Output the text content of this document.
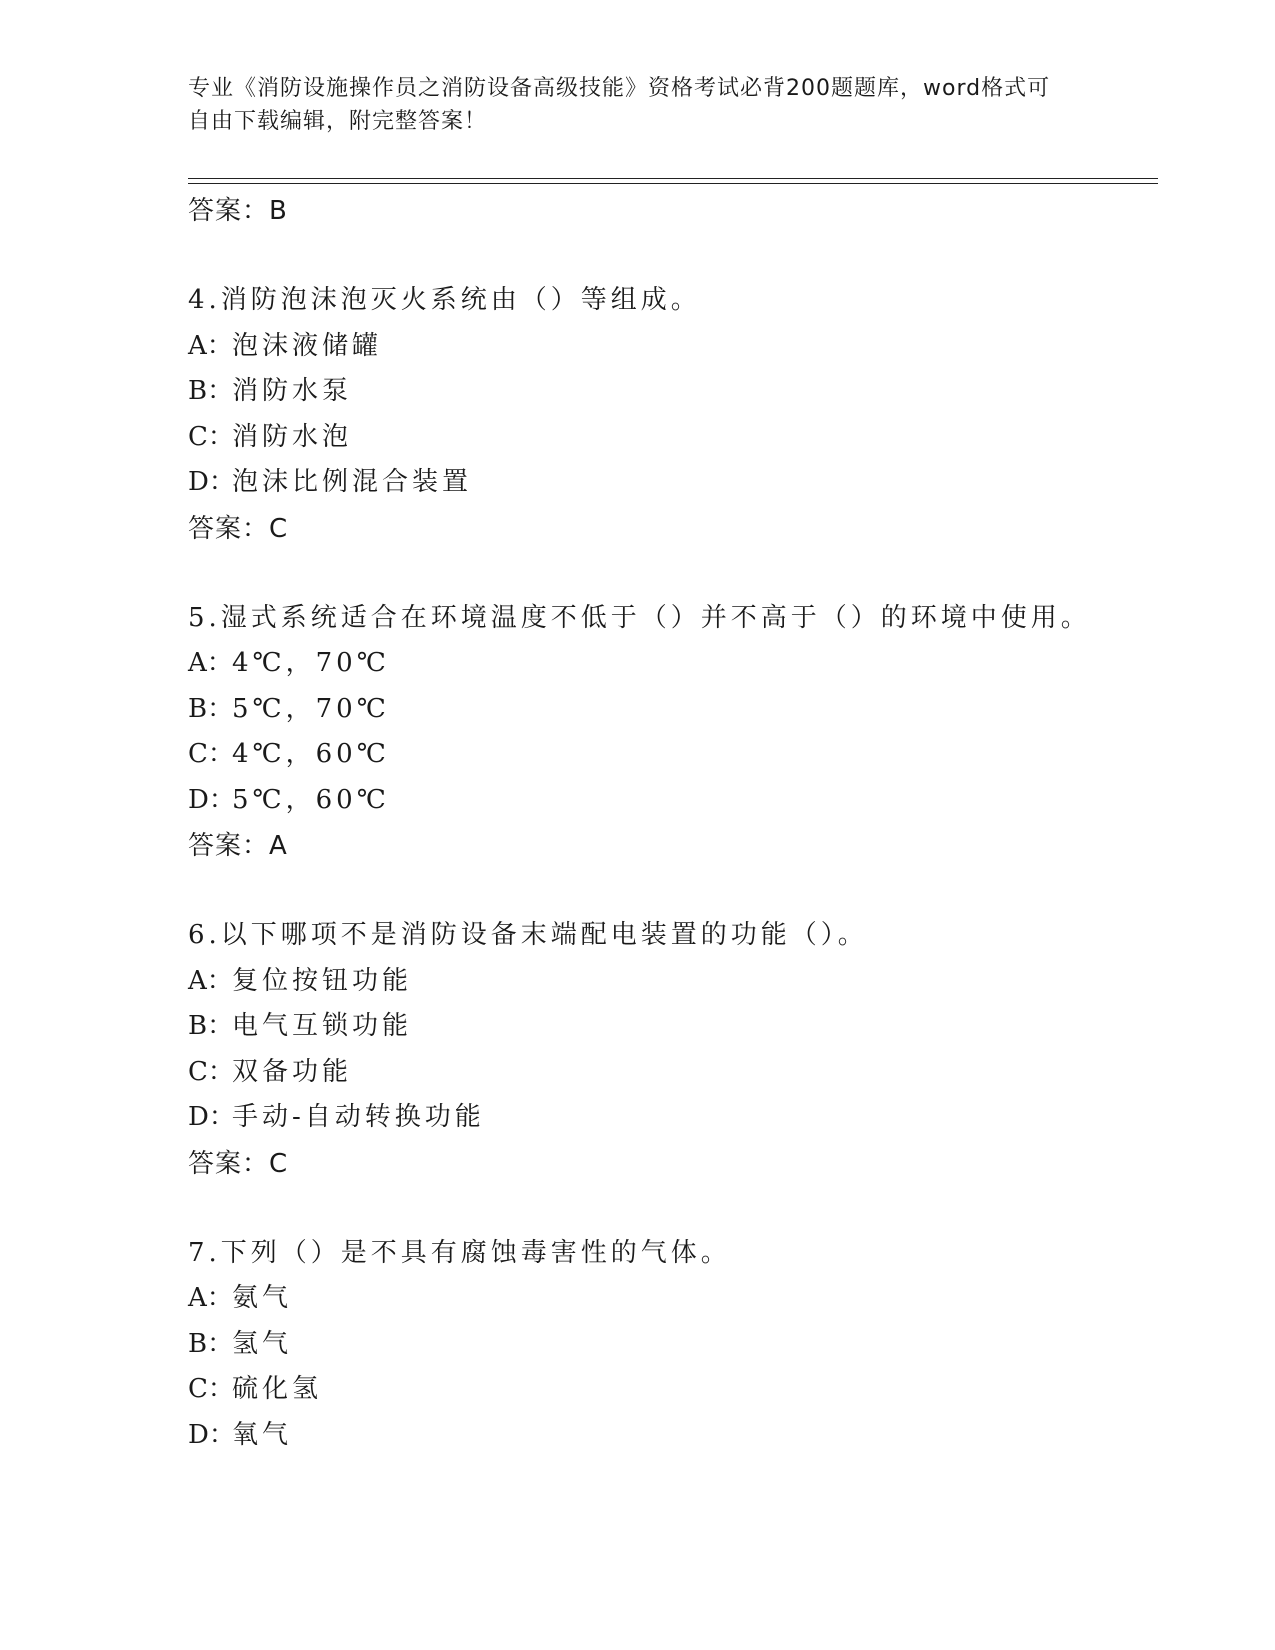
专业《消防设施操作员之消防设备高级技能》资格考试必背200题题库，word格式可自由下载编辑，附完整答案！
答案：B
4.消防泡沫泡灭火系统由（）等组成。
A：泡沫液储罐
B：消防水泵
C：消防水泡
D：泡沫比例混合装置
答案：C
5.湿式系统适合在环境温度不低于（）并不高于（）的环境中使用。
A：4℃，70℃
B：5℃，70℃
C：4℃，60℃
D：5℃，60℃
答案：A
6.以下哪项不是消防设备末端配电装置的功能（）。
A：复位按钮功能
B：电气互锁功能
C：双备功能
D：手动-自动转换功能
答案：C
7.下列（）是不具有腐蚀毒害性的气体。
A：氨气
B：氢气
C：硫化氢
D：氧气
